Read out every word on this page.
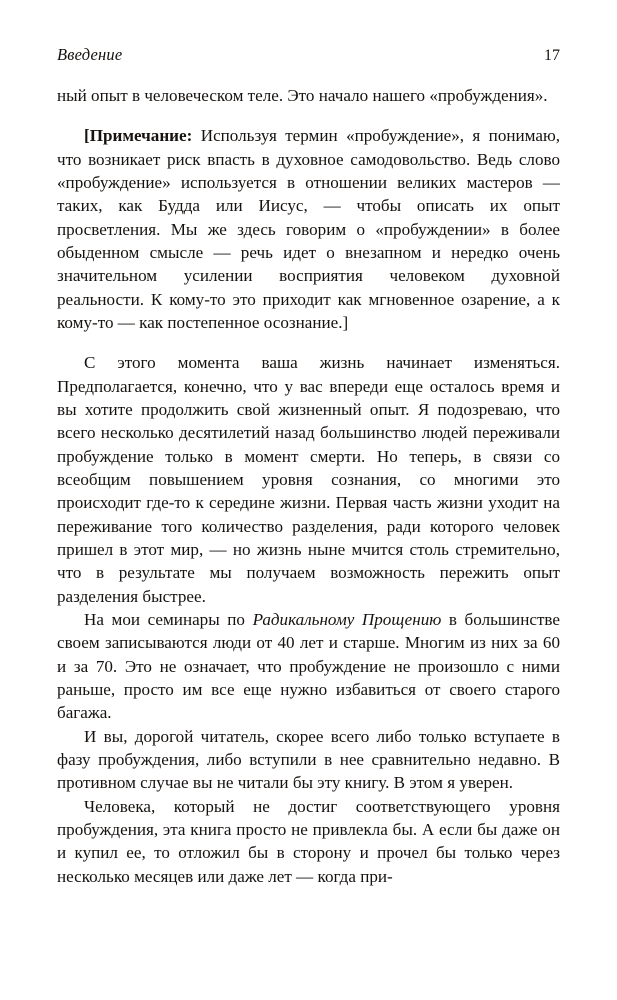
Введение	17

ный опыт в человеческом теле. Это начало нашего «пробуждения».

[Примечание: Используя термин «пробуждение», я понимаю, что возникает риск впасть в духовное самодовольство. Ведь слово «пробуждение» используется в отношении великих мастеров — таких, как Будда или Иисус, — чтобы описать их опыт просветления. Мы же здесь говорим о «пробуждении» в более обыденном смысле — речь идет о внезапном и нередко очень значительном усилении восприятия человеком духовной реальности. К кому-то это приходит как мгновенное озарение, а к кому-то — как постепенное осознание.]

С этого момента ваша жизнь начинает изменяться. Предполагается, конечно, что у вас впереди еще осталось время и вы хотите продолжить свой жизненный опыт. Я подозреваю, что всего несколько десятилетий назад большинство людей переживали пробуждение только в момент смерти. Но теперь, в связи со всеобщим повышением уровня сознания, со многими это происходит где-то к середине жизни. Первая часть жизни уходит на переживание того количество разделения, ради которого человек пришел в этот мир, — но жизнь ныне мчится столь стремительно, что в результате мы получаем возможность пережить опыт разделения быстрее.

На мои семинары по Радикальному Прощению в большинстве своем записываются люди от 40 лет и старше. Многим из них за 60 и за 70. Это не означает, что пробуждение не произошло с ними раньше, просто им все еще нужно избавиться от своего старого багажа.

И вы, дорогой читатель, скорее всего либо только вступаете в фазу пробуждения, либо вступили в нее сравнительно недавно. В противном случае вы не читали бы эту книгу. В этом я уверен.

Человека, который не достиг соответствующего уровня пробуждения, эта книга просто не привлекла бы. А если бы даже он и купил ее, то отложил бы в сторону и прочел бы только через несколько месяцев или даже лет — когда при-
